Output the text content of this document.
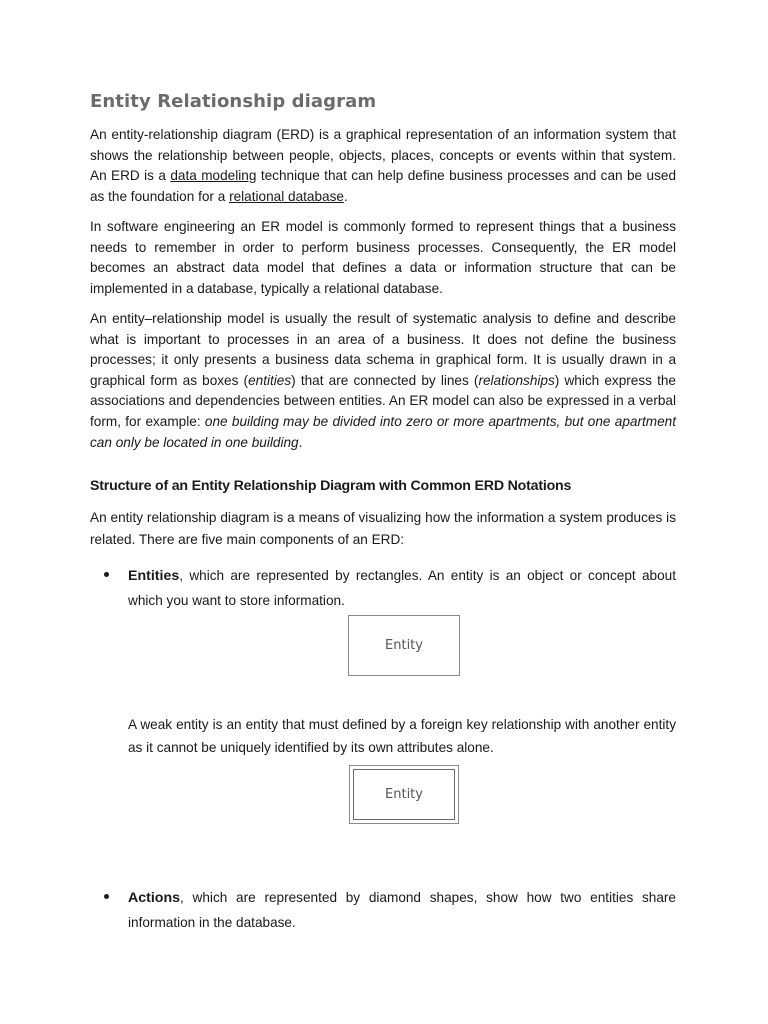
Entity Relationship diagram

An entity-relationship diagram (ERD) is a graphical representation of an information system that shows the relationship between people, objects, places, concepts or events within that system. An ERD is a data modeling technique that can help define business processes and can be used as the foundation for a relational database.

In software engineering an ER model is commonly formed to represent things that a business needs to remember in order to perform business processes. Consequently, the ER model becomes an abstract data model that defines a data or information structure that can be implemented in a database, typically a relational database.

An entity–relationship model is usually the result of systematic analysis to define and describe what is important to processes in an area of a business. It does not define the business processes; it only presents a business data schema in graphical form. It is usually drawn in a graphical form as boxes (entities) that are connected by lines (relationships) which express the associations and dependencies between entities. An ER model can also be expressed in a verbal form, for example: one building may be divided into zero or more apartments, but one apartment can only be located in one building.

Structure of an Entity Relationship Diagram with Common ERD Notations

An entity relationship diagram is a means of visualizing how the information a system produces is related. There are five main components of an ERD:

Entities, which are represented by rectangles. An entity is an object or concept about which you want to store information.

Entity

A weak entity is an entity that must defined by a foreign key relationship with another entity as it cannot be uniquely identified by its own attributes alone.

Entity

Actions, which are represented by diamond shapes, show how two entities share information in the database.
